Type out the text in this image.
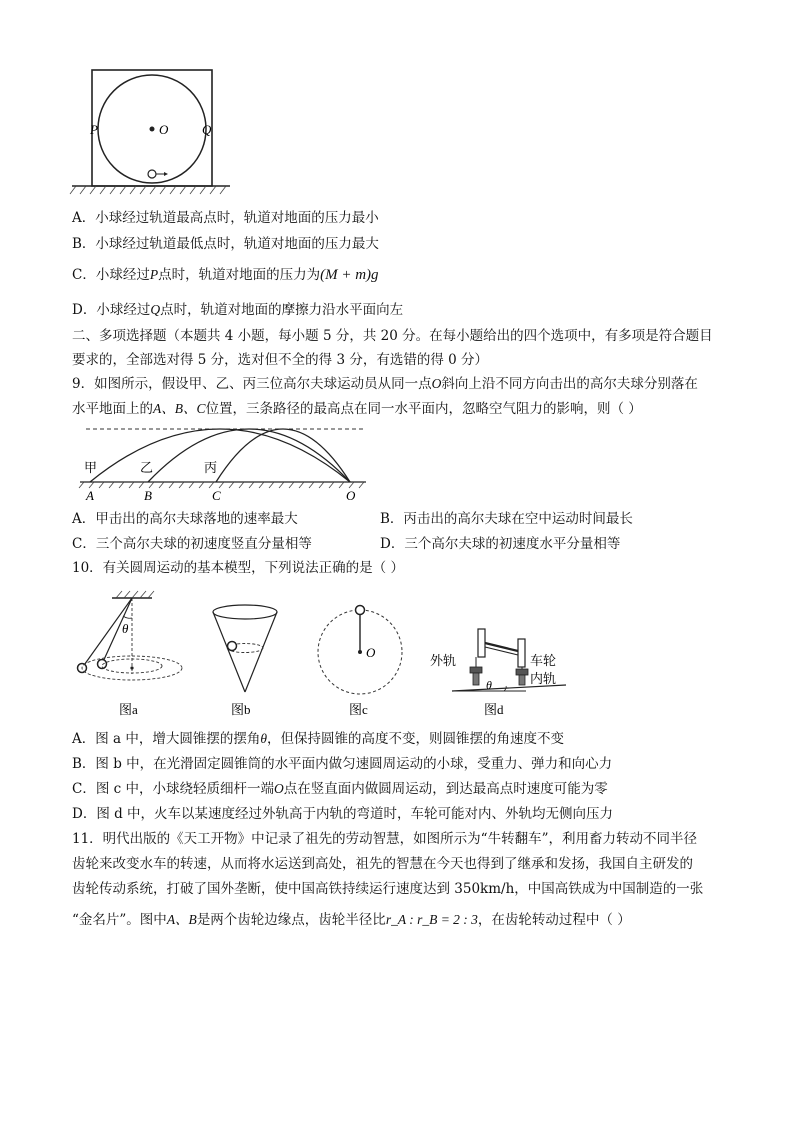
P	O	Q
A．小球经过轨道最高点时，轨道对地面的压力最小
B．小球经过轨道最低点时，轨道对地面的压力最大
C．小球经过P点时，轨道对地面的压力为(M + m)g
D．小球经过Q点时，轨道对地面的摩擦力沿水平面向左
二、多项选择题（本题共 4 小题，每小题 5 分，共 20 分。在每小题给出的四个选项中，有多项是符合题目
要求的，全部选对得 5 分，选对但不全的得 3 分，有选错的得 0 分）
9．如图所示，假设甲、乙、丙三位高尔夫球运动员从同一点O斜向上沿不同方向击出的高尔夫球分别落在
水平地面上的A、B、C位置，三条路径的最高点在同一水平面内，忽略空气阻力的影响，则（ ）
甲	乙	丙
A	B	C	O
A．甲击出的高尔夫球落地的速率最大	B．丙击出的高尔夫球在空中运动时间最长
C．三个高尔夫球的初速度竖直分量相等	D．三个高尔夫球的初速度水平分量相等
10．有关圆周运动的基本模型，下列说法正确的是（ ）
θ
图a	图b
O
图c
外轨	车轮
内轨
θ
图d
A．图 a 中，增大圆锥摆的摆角θ，但保持圆锥的高度不变，则圆锥摆的角速度不变
B．图 b 中，在光滑固定圆锥筒的水平面内做匀速圆周运动的小球，受重力、弹力和向心力
C．图 c 中，小球绕轻质细杆一端O点在竖直面内做圆周运动，到达最高点时速度可能为零
D．图 d 中，火车以某速度经过外轨高于内轨的弯道时，车轮可能对内、外轨均无侧向压力
11．明代出版的《天工开物》中记录了祖先的劳动智慧，如图所示为“牛转翻车”，利用畜力转动不同半径
齿轮来改变水车的转速，从而将水运送到高处，祖先的智慧在今天也得到了继承和发扬，我国自主研发的
齿轮传动系统，打破了国外垄断，使中国高铁持续运行速度达到 350km/h，中国高铁成为中国制造的一张
“金名片”。图中A、B是两个齿轮边缘点，齿轮半径比r_A : r_B = 2 : 3，在齿轮转动过程中（ ）
